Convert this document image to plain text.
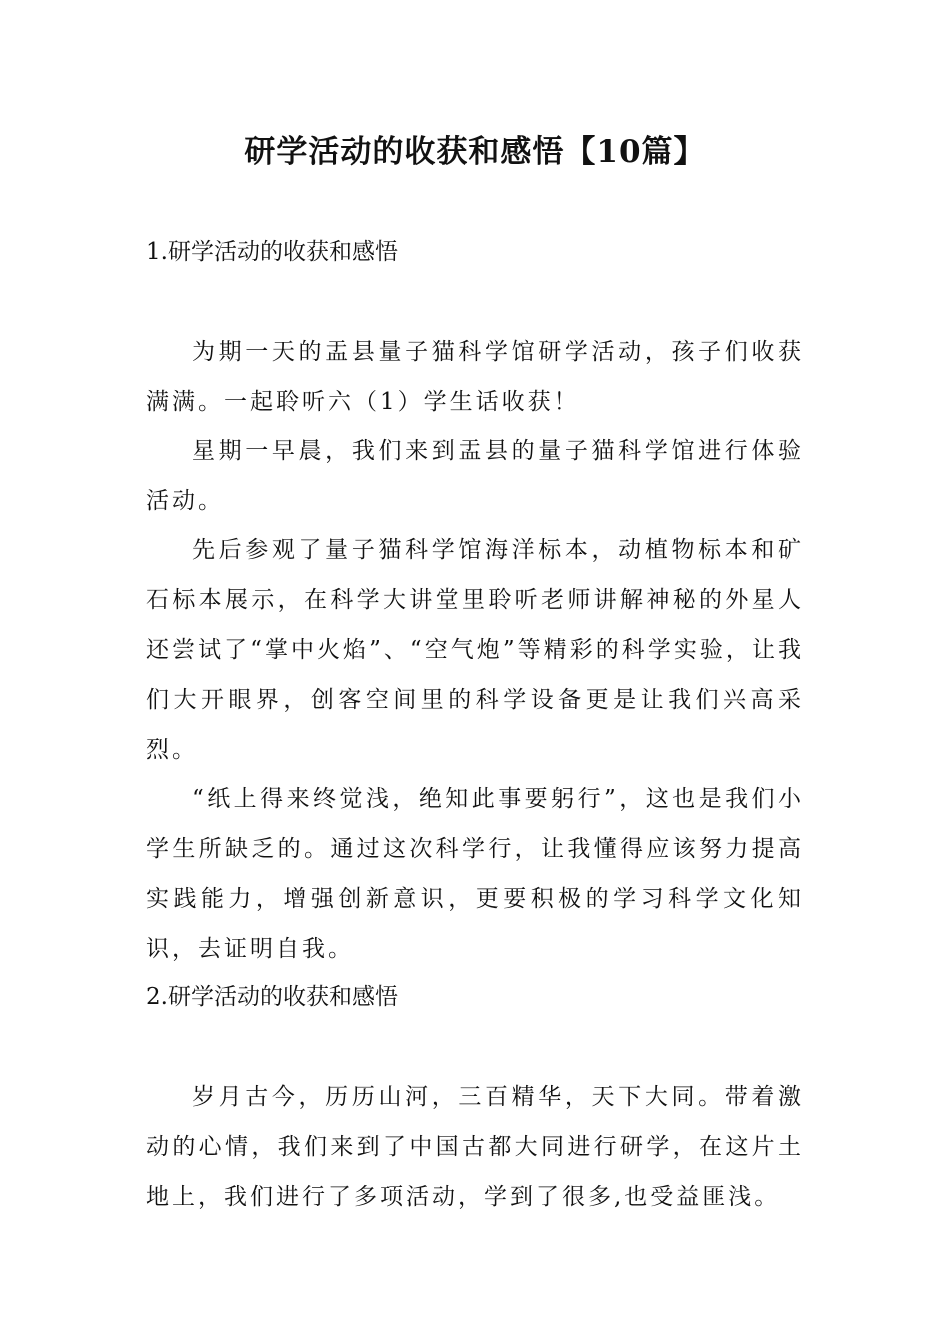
研学活动的收获和感悟【10篇】
1.研学活动的收获和感悟

为期一天的盂县量子猫科学馆研学活动，孩子们收获满满。一起聆听六（1）学生话收获！

星期一早晨，我们来到盂县的量子猫科学馆进行体验活动。

先后参观了量子猫科学馆海洋标本，动植物标本和矿石标本展示，在科学大讲堂里聆听老师讲解神秘的外星人还尝试了“掌中火焰”、“空气炮”等精彩的科学实验，让我们大开眼界，创客空间里的科学设备更是让我们兴高采烈。

“纸上得来终觉浅，绝知此事要躬行”，这也是我们小学生所缺乏的。通过这次科学行，让我懂得应该努力提高实践能力，增强创新意识，更要积极的学习科学文化知识，去证明自我。

2.研学活动的收获和感悟

岁月古今，历历山河，三百精华，天下大同。带着激动的心情，我们来到了中国古都大同进行研学，在这片土地上，我们进行了多项活动，学到了很多,也受益匪浅。
